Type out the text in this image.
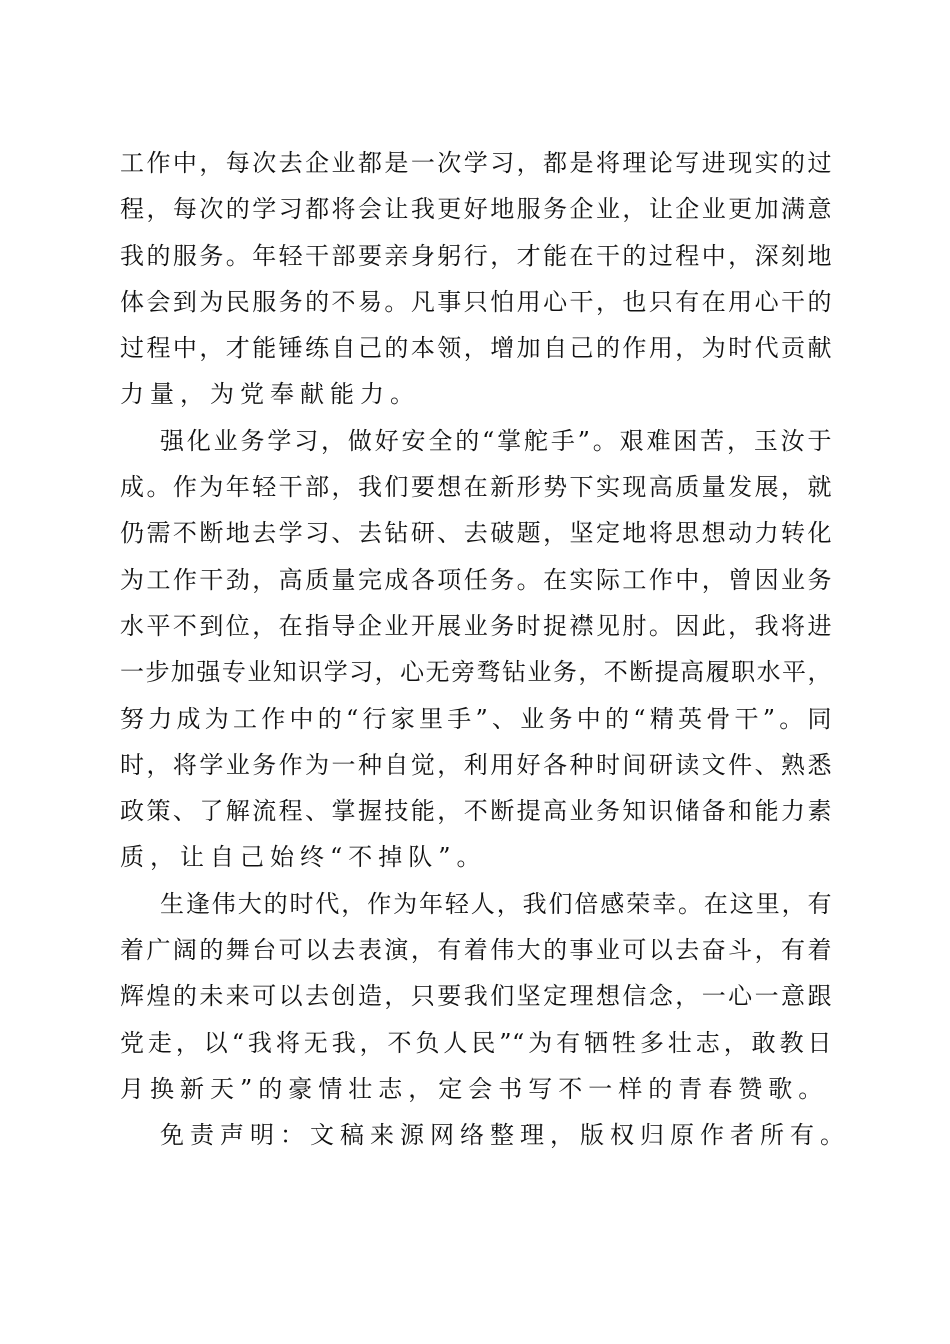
工作中，每次去企业都是一次学习，都是将理论写进现实的过
程，每次的学习都将会让我更好地服务企业，让企业更加满意
我的服务。年轻干部要亲身躬行，才能在干的过程中，深刻地
体会到为民服务的不易。凡事只怕用心干，也只有在用心干的
过程中，才能锤练自己的本领，增加自己的作用，为时代贡献
力量，为党奉献能力。
强化业务学习，做好安全的“掌舵手”。艰难困苦，玉汝于
成。作为年轻干部，我们要想在新形势下实现高质量发展，就
仍需不断地去学习、去钻研、去破题，坚定地将思想动力转化
为工作干劲，高质量完成各项任务。在实际工作中，曾因业务
水平不到位，在指导企业开展业务时捉襟见肘。因此，我将进
一步加强专业知识学习，心无旁骛钻业务，不断提高履职水平，
努力成为工作中的“行家里手”、业务中的“精英骨干”。同
时，将学业务作为一种自觉，利用好各种时间研读文件、熟悉
政策、了解流程、掌握技能，不断提高业务知识储备和能力素
质，让自己始终“不掉队”。
生逢伟大的时代，作为年轻人，我们倍感荣幸。在这里，有
着广阔的舞台可以去表演，有着伟大的事业可以去奋斗，有着
辉煌的未来可以去创造，只要我们坚定理想信念，一心一意跟
党走，以“我将无我，不负人民”“为有牺牲多壮志，敢教日
月换新天”的豪情壮志，定会书写不一样的青春赞歌。
免责声明：文稿来源网络整理，版权归原作者所有。
